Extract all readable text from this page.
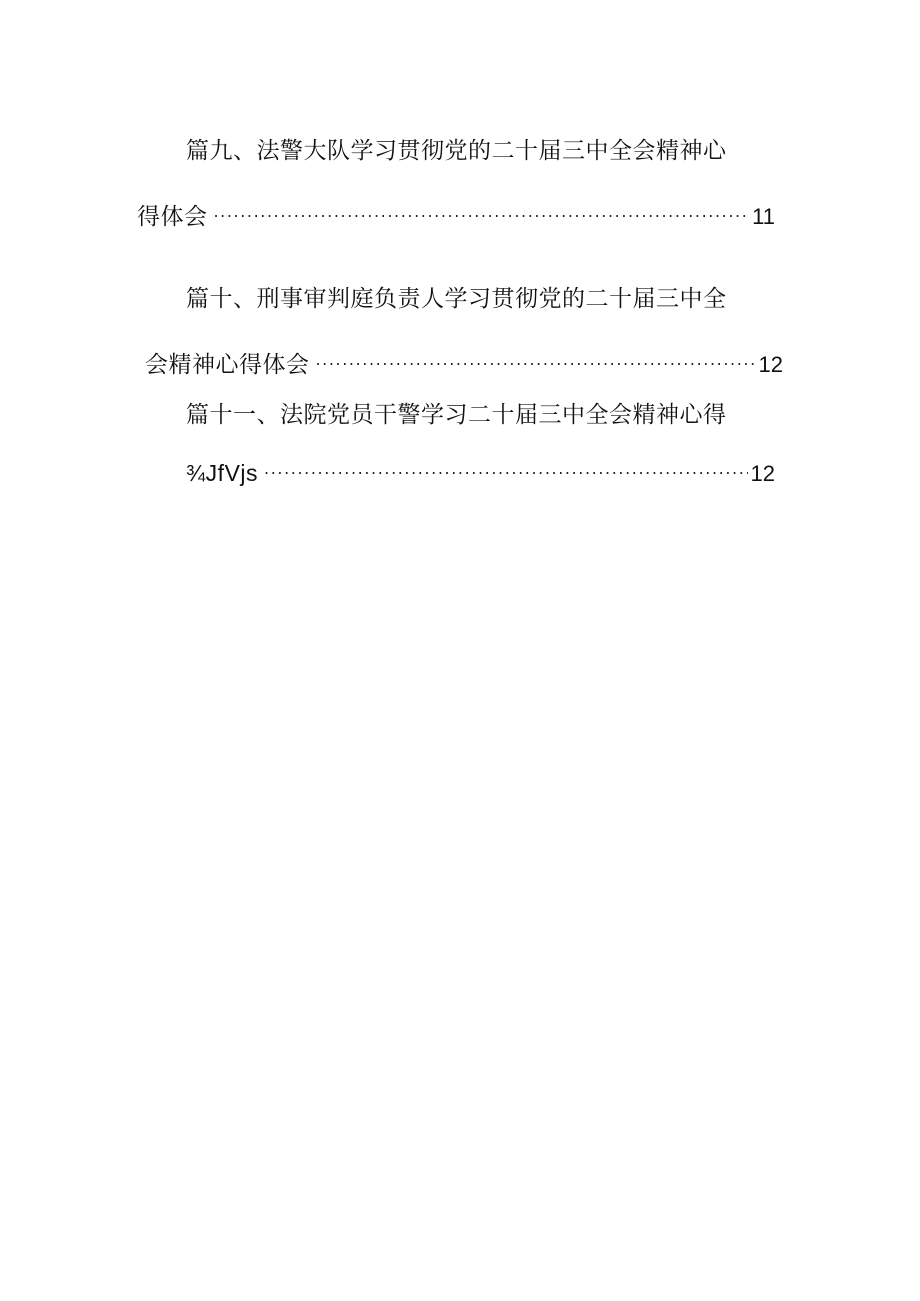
篇九、法警大队学习贯彻党的二十届三中全会精神心
得体会 .....	11
篇十、刑事审判庭负责人学习贯彻党的二十届三中全
会精神心得体会 .....	12
篇十一、法院党员干警学习二十届三中全会精神心得
¾JfVjs .....	12
